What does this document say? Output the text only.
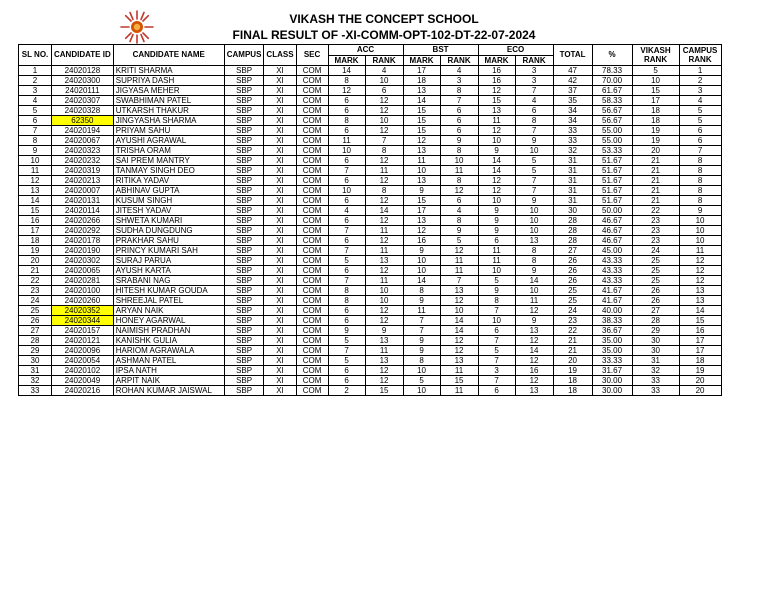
VIKASH THE CONCEPT SCHOOL
FINAL RESULT OF -XI-COMM-OPT-102-DT-22-07-2024
SL NO.	CANDIDATE ID	CANDIDATE NAME	CAMPUS	CLASS	SEC	ACC		BST		ECO		TOTAL	%	VIKASH RANK	CAMPUS RANK
						MARK	RANK	MARK	RANK	MARK	RANK				
1	24020128	KRITI SHARMA	SBP	XI	COM	14	4	17	4	16	3	47	78.33	5	1
2	24020300	SUPRIYA DASH	SBP	XI	COM	8	10	18	3	16	3	42	70.00	10	2
3	24020111	JIGYASA MEHER	SBP	XI	COM	12	6	13	8	12	7	37	61.67	15	3
4	24020307	SWABHIMAN PATEL	SBP	XI	COM	6	12	14	7	15	4	35	58.33	17	4
5	24020328	UTKARSH THAKUR	SBP	XI	COM	6	12	15	6	13	6	34	56.67	18	5
6	62350	JINGYASHA SHARMA	SBP	XI	COM	8	10	15	6	11	8	34	56.67	18	5
7	24020194	PRIYAM SAHU	SBP	XI	COM	6	12	15	6	12	7	33	55.00	19	6
8	24020067	AYUSHI AGRAWAL	SBP	XI	COM	11	7	12	9	10	9	33	55.00	19	6
9	24020323	TRISHA ORAM	SBP	XI	COM	10	8	13	8	9	10	32	53.33	20	7
10	24020232	SAI PREM MANTRY	SBP	XI	COM	6	12	11	10	14	5	31	51.67	21	8
11	24020319	TANMAY SINGH DEO	SBP	XI	COM	7	11	10	11	14	5	31	51.67	21	8
12	24020213	RITIKA YADAV	SBP	XI	COM	6	12	13	8	12	7	31	51.67	21	8
13	24020007	ABHINAV GUPTA	SBP	XI	COM	10	8	9	12	12	7	31	51.67	21	8
14	24020131	KUSUM SINGH	SBP	XI	COM	6	12	15	6	10	9	31	51.67	21	8
15	24020114	JITESH YADAV	SBP	XI	COM	4	14	17	4	9	10	30	50.00	22	9
16	24020266	SHWETA KUMARI	SBP	XI	COM	6	12	13	8	9	10	28	46.67	23	10
17	24020292	SUDHA DUNGDUNG	SBP	XI	COM	7	11	12	9	9	10	28	46.67	23	10
18	24020178	PRAKHAR SAHU	SBP	XI	COM	6	12	16	5	6	13	28	46.67	23	10
19	24020190	PRINCY KUMARI SAH	SBP	XI	COM	7	11	9	12	11	8	27	45.00	24	11
20	24020302	SURAJ PARUA	SBP	XI	COM	5	13	10	11	11	8	26	43.33	25	12
21	24020065	AYUSH KARTA	SBP	XI	COM	6	12	10	11	10	9	26	43.33	25	12
22	24020281	SRABANI NAG	SBP	XI	COM	7	11	14	7	5	14	26	43.33	25	12
23	24020100	HITESH KUMAR GOUDA	SBP	XI	COM	8	10	8	13	9	10	25	41.67	26	13
24	24020260	SHREEJAL PATEL	SBP	XI	COM	8	10	9	12	8	11	25	41.67	26	13
25	24020352	ARYAN NAIK	SBP	XI	COM	6	12	11	10	7	12	24	40.00	27	14
26	24020344	HONEY AGARWAL	SBP	XI	COM	6	12	7	14	10	9	23	38.33	28	15
27	24020157	NAIMISH PRADHAN	SBP	XI	COM	9	9	7	14	6	13	22	36.67	29	16
28	24020121	KANISHK GULIA	SBP	XI	COM	5	13	9	12	7	12	21	35.00	30	17
29	24020096	HARIOM AGRAWALA	SBP	XI	COM	7	11	9	12	5	14	21	35.00	30	17
30	24020054	ASHMAN PATEL	SBP	XI	COM	5	13	8	13	7	12	20	33.33	31	18
31	24020102	IPSA NATH	SBP	XI	COM	6	12	10	11	3	16	19	31.67	32	19
32	24020049	ARPIT NAIK	SBP	XI	COM	6	12	5	15	7	12	18	30.00	33	20
33	24020216	ROHAN KUMAR JAISWAL	SBP	XI	COM	2	15	10	11	6	13	18	30.00	33	20
